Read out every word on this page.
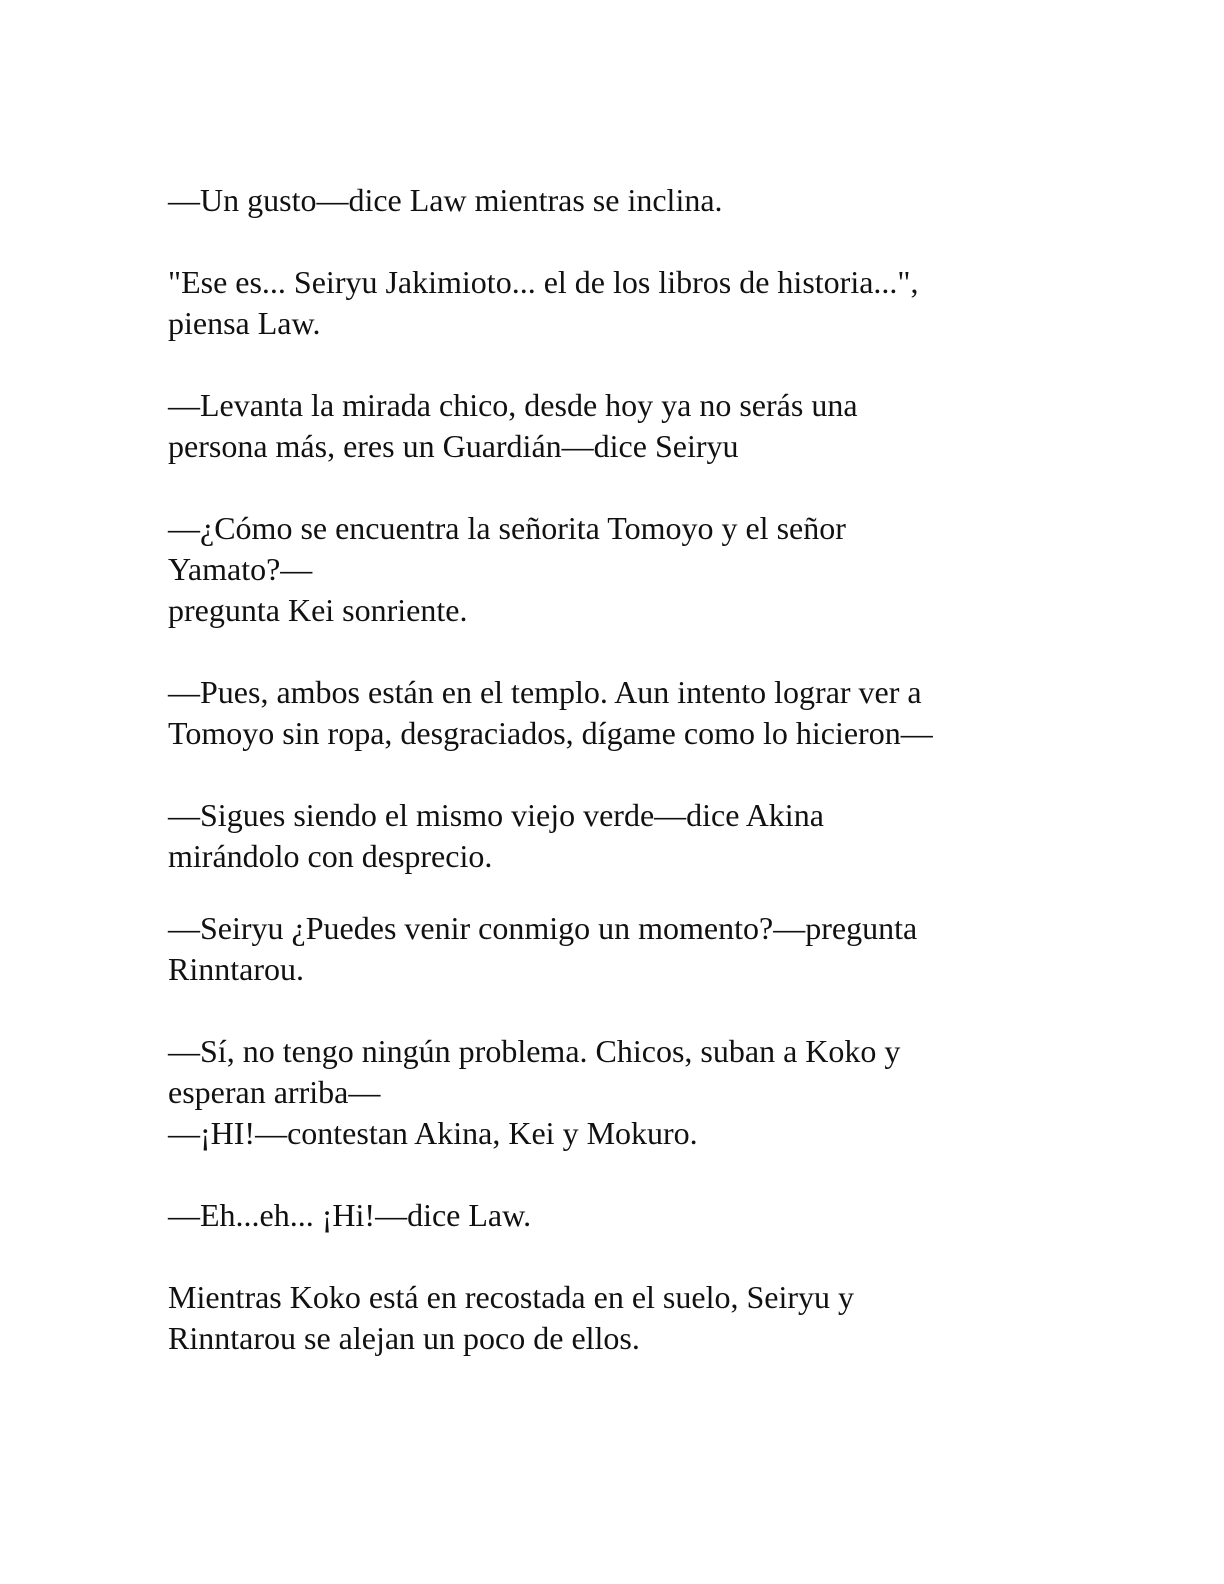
—Un gusto—dice Law mientras se inclina.

"Ese es... Seiryu Jakimioto... el de los libros de historia...",
piensa Law.

—Levanta la mirada chico, desde hoy ya no serás una
persona más, eres un Guardián—dice Seiryu

—¿Cómo se encuentra la señorita Tomoyo y el señor
Yamato?—
pregunta Kei sonriente.

—Pues, ambos están en el templo. Aun intento lograr ver a
Tomoyo sin ropa, desgraciados, dígame como lo hicieron—

—Sigues siendo el mismo viejo verde—dice Akina
mirándolo con desprecio.

—Seiryu ¿Puedes venir conmigo un momento?—pregunta
Rinntarou.

—Sí, no tengo ningún problema. Chicos, suban a Koko y
esperan arriba—

—¡HI!—contestan Akina, Kei y Mokuro.

—Eh...eh... ¡Hi!—dice Law.

Mientras Koko está en recostada en el suelo, Seiryu y
Rinntarou se alejan un poco de ellos.
